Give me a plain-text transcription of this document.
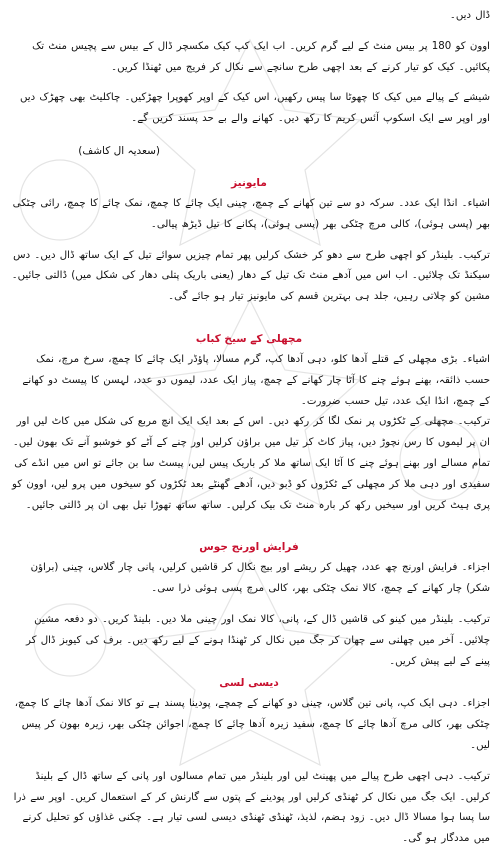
ڈال دیں۔

اوون کو 180 پر بیس منٹ کے لیے گرم کریں۔ اب ایک کپ کیک مکسچر ڈال کے بیس سے پچیس منٹ تک پکائیں۔ کیک کو تیار کرنے کے بعد اچھی طرح سانچے سے نکال کر فریج میں ٹھنڈا کریں۔

شیشے کے پیالے میں کیک کا چھوٹا سا پیس رکھیں، اس کیک کے اوپر کھوپرا چھڑکیں۔ چاکلیٹ بھی چھڑک دیں اور اوپر سے ایک اسکوپ آئس کریم کا رکھ دیں۔ کھانے والے بے حد پسند کریں گے۔

(سعدیہ ال کاشف)
مایونیز

اشیاء۔ انڈا ایک عدد۔ سرکہ دو سے تین کھانے کے چمچ، چینی ایک چائے کا چمچ، نمک چائے کا چمچ، رائی چٹکی بھر (پسی ہوئی)، کالی مرچ چٹکی بھر (پسی ہوئی)، پکانے کا تیل ڈیڑھ پیالی۔

ترکیب۔ بلینڈر کو اچھی طرح سے دھو کر خشک کرلیں پھر تمام چیزیں سوائے تیل کے ایک ساتھ ڈال دیں۔ دس سیکنڈ تک چلائیں۔ اب اس میں آدھے منٹ تک تیل کے دھار (یعنی باریک پتلی دھار کی شکل میں) ڈالتی جائیں۔ مشین کو چلاتی رہیں، جلد ہی بہترین قسم کی مایونیز تیار ہو جائے گی۔

مچھلی کے سیخ کباب

اشیاء۔ بڑی مچھلی کے قتلے آدھا کلو، دہی آدھا کپ، گرم مسالا، پاؤڈر ایک چائے کا چمچ، سرخ مرچ، نمک حسب ذائقہ، بھنے ہوئے چنے کا آٹا چار کھانے کے چمچ، پیاز ایک عدد، لیموں دو عدد، لہسن کا پیسٹ دو کھانے کے چمچ، انڈا ایک عدد، تیل حسب ضرورت۔

ترکیب۔ مچھلی کے ٹکڑوں پر نمک لگا کر رکھ دیں۔ اس کے بعد ایک ایک انچ مربع کی شکل میں کاٹ لیں اور ان پر لیموں کا رس نچوڑ دیں، پیاز کاٹ کر تیل میں براؤن کرلیں اور چنے کے آٹے کو خوشبو آنے تک بھون لیں۔ تمام مسالے اور بھنے ہوئے چنے کا آٹا ایک ساتھ ملا کر باریک پیس لیں، پیسٹ سا بن جائے تو اس میں انڈے کی سفیدی اور دہی ملا کر مچھلی کے ٹکڑوں کو ڈبو دیں، آدھے گھنٹے بعد ٹکڑوں کو سیخوں میں پرو لیں، اوون کو پری ہیٹ کریں اور سیخیں رکھ کر بارہ منٹ تک بیک کرلیں۔ ساتھ ساتھ تھوڑا تیل بھی ان پر ڈالتی جائیں۔

فرایش اورنج جوس

اجزاء۔ فرایش اورنج چھ عدد، چھیل کر ریشے اور بیج نکال کر قاشیں کرلیں، پانی چار گلاس، چینی (براؤن شکر) چار کھانے کے چمچ، کالا نمک چٹکی بھر، کالی مرچ پسی ہوئی ذرا سی۔

ترکیب۔ بلینڈر میں کینو کی قاشیں ڈال کے، پانی، کالا نمک اور چینی ملا دیں۔ بلینڈ کریں۔ دو دفعہ مشین چلائیں۔ آخر میں چھلنی سے چھان کر جگ میں نکال کر ٹھنڈا ہونے کے لیے رکھ دیں۔ برف کی کیوبز ڈال کر پینے کے لیے پیش کریں۔

دیسی لسی

اجزاء۔ دہی ایک کپ، پانی تین گلاس، چینی دو کھانے کے چمچے، پودینا پسند ہے تو کالا نمک آدھا چائے کا چمچ، چٹکی بھر، کالی مرچ آدھا چائے کا چمچ، سفید زیرہ آدھا چائے کا چمچ، اجوائن چٹکی بھر، زیرہ بھون کر پیس لیں۔

ترکیب۔ دہی اچھی طرح پیالے میں پھینٹ لیں اور بلینڈر میں تمام مسالوں اور پانی کے ساتھ ڈال کے بلینڈ کرلیں۔ ایک جگ میں نکال کر ٹھنڈی کرلیں اور پودینے کے پتوں سے گارنش کر کے استعمال کریں۔ اوپر سے ذرا سا پسا ہوا مسالا ڈال دیں۔ زود ہضم، لذیذ، ٹھنڈی ٹھنڈی دیسی لسی تیار ہے۔ چکنی غذاؤں کو تحلیل کرنے میں مددگار ہو گی۔
